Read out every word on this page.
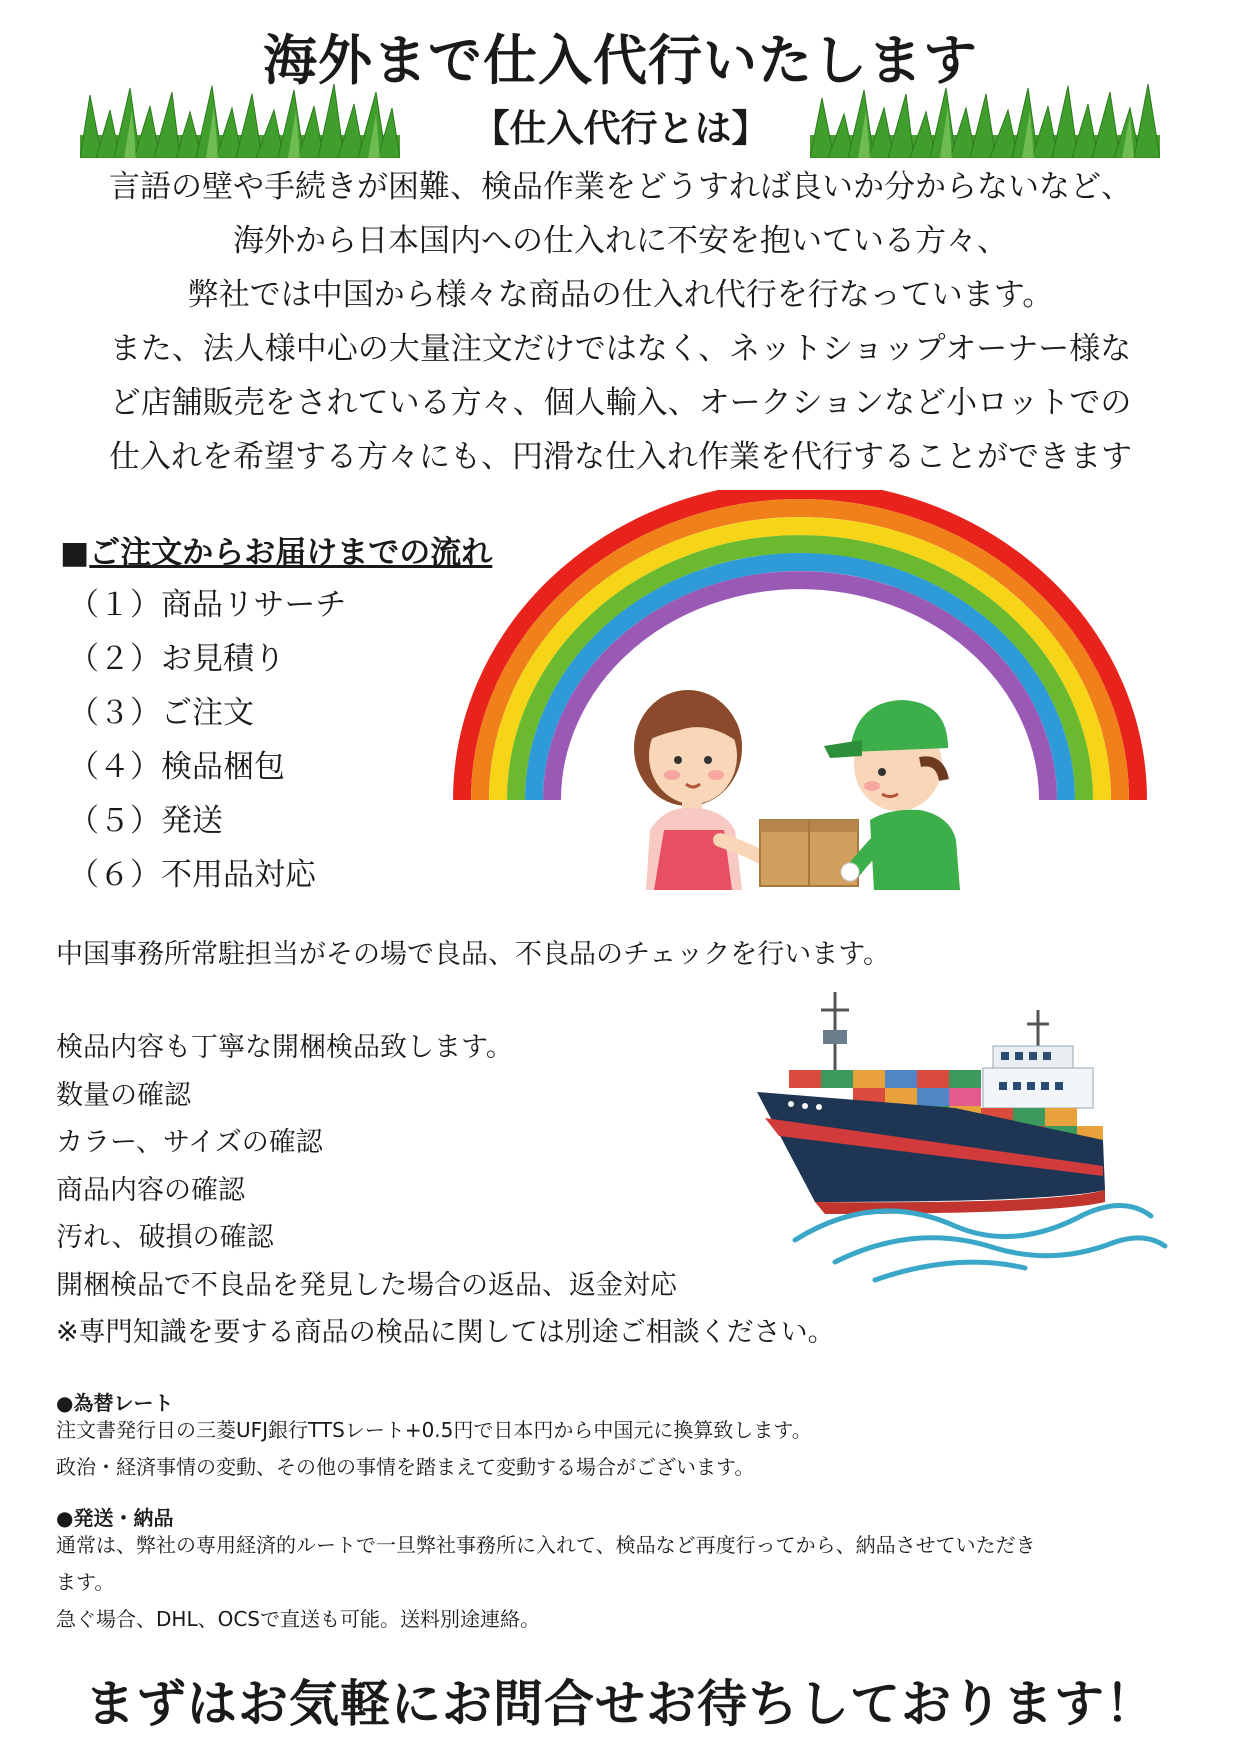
海外まで仕入代行いたします
【仕入代行とは】
言語の壁や手続きが困難、検品作業をどうすれば良いか分からないなど、
海外から日本国内への仕入れに不安を抱いている方々、
弊社では中国から様々な商品の仕入れ代行を行なっています。
また、法人様中心の大量注文だけではなく、ネットショップオーナー様な
ど店舗販売をされている方々、個人輸入、オークションなど小ロットでの
仕入れを希望する方々にも、円滑な仕入れ作業を代行することができます
■ご注文からお届けまでの流れ
（１）商品リサーチ
（２）お見積り
（３）ご注文
（４）検品梱包
（５）発送
（６）不用品対応
中国事務所常駐担当がその場で良品、不良品のチェックを行います。
検品内容も丁寧な開梱検品致します。
数量の確認
カラー、サイズの確認
商品内容の確認
汚れ、破損の確認
開梱検品で不良品を発見した場合の返品、返金対応
※専門知識を要する商品の検品に関しては別途ご相談ください。
●為替レート
注文書発行日の三菱UFJ銀行TTSレート+0.5円で日本円から中国元に換算致します。
政治・経済事情の変動、その他の事情を踏まえて変動する場合がございます。
●発送・納品
通常は、弊社の専用経済的ルートで一旦弊社事務所に入れて、検品など再度行ってから、納品させていただき
ます。
急ぐ場合、DHL、OCSで直送も可能。送料別途連絡。
まずはお気軽にお問合せお待ちしております！
